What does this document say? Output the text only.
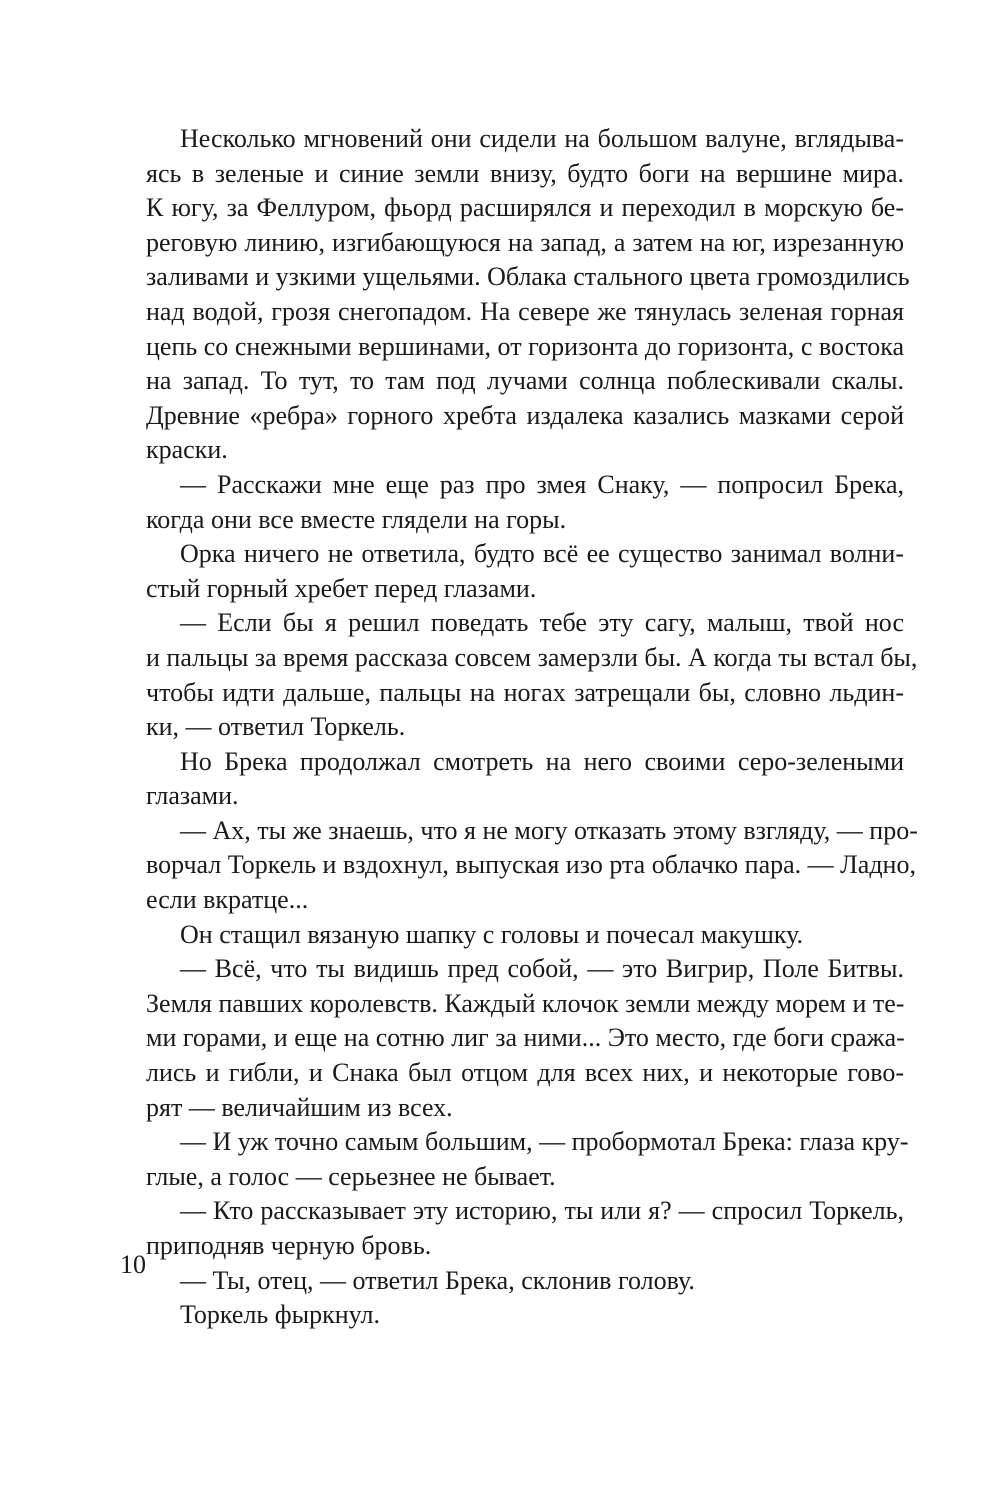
Несколько мгновений они сидели на большом валуне, вглядыва-
ясь в зеленые и синие земли внизу, будто боги на вершине мира.
К югу, за Феллуром, фьорд расширялся и переходил в морскую бе-
реговую линию, изгибающуюся на запад, а затем на юг, изрезанную
заливами и узкими ущельями. Облака стального цвета громоздились
над водой, грозя снегопадом. На севере же тянулась зеленая горная
цепь со снежными вершинами, от горизонта до горизонта, с востока
на запад. То тут, то там под лучами солнца поблескивали скалы.
Древние «ребра» горного хребта издалека казались мазками серой
краски.
— Расскажи мне еще раз про змея Снаку, — попросил Брека,
когда они все вместе глядели на горы.
Орка ничего не ответила, будто всё ее существо занимал волни-
стый горный хребет перед глазами.
— Если бы я решил поведать тебе эту сагу, малыш, твой нос
и пальцы за время рассказа совсем замерзли бы. А когда ты встал бы,
чтобы идти дальше, пальцы на ногах затрещали бы, словно льдин-
ки, — ответил Торкель.
Но Брека продолжал смотреть на него своими серо-зелеными
глазами.
— Ах, ты же знаешь, что я не могу отказать этому взгляду, — про-
ворчал Торкель и вздохнул, выпуская изо рта облачко пара. — Ладно,
если вкратце...
Он стащил вязаную шапку с головы и почесал макушку.
— Всё, что ты видишь пред собой, — это Вигрир, Поле Битвы.
Земля павших королевств. Каждый клочок земли между морем и те-
ми горами, и еще на сотню лиг за ними... Это место, где боги сража-
лись и гибли, и Снака был отцом для всех них, и некоторые гово-
рят — величайшим из всех.
— И уж точно самым большим, — пробормотал Брека: глаза кру-
глые, а голос — серьезнее не бывает.
— Кто рассказывает эту историю, ты или я? — спросил Торкель,
приподняв черную бровь.
— Ты, отец, — ответил Брека, склонив голову.
Торкель фыркнул.
10
